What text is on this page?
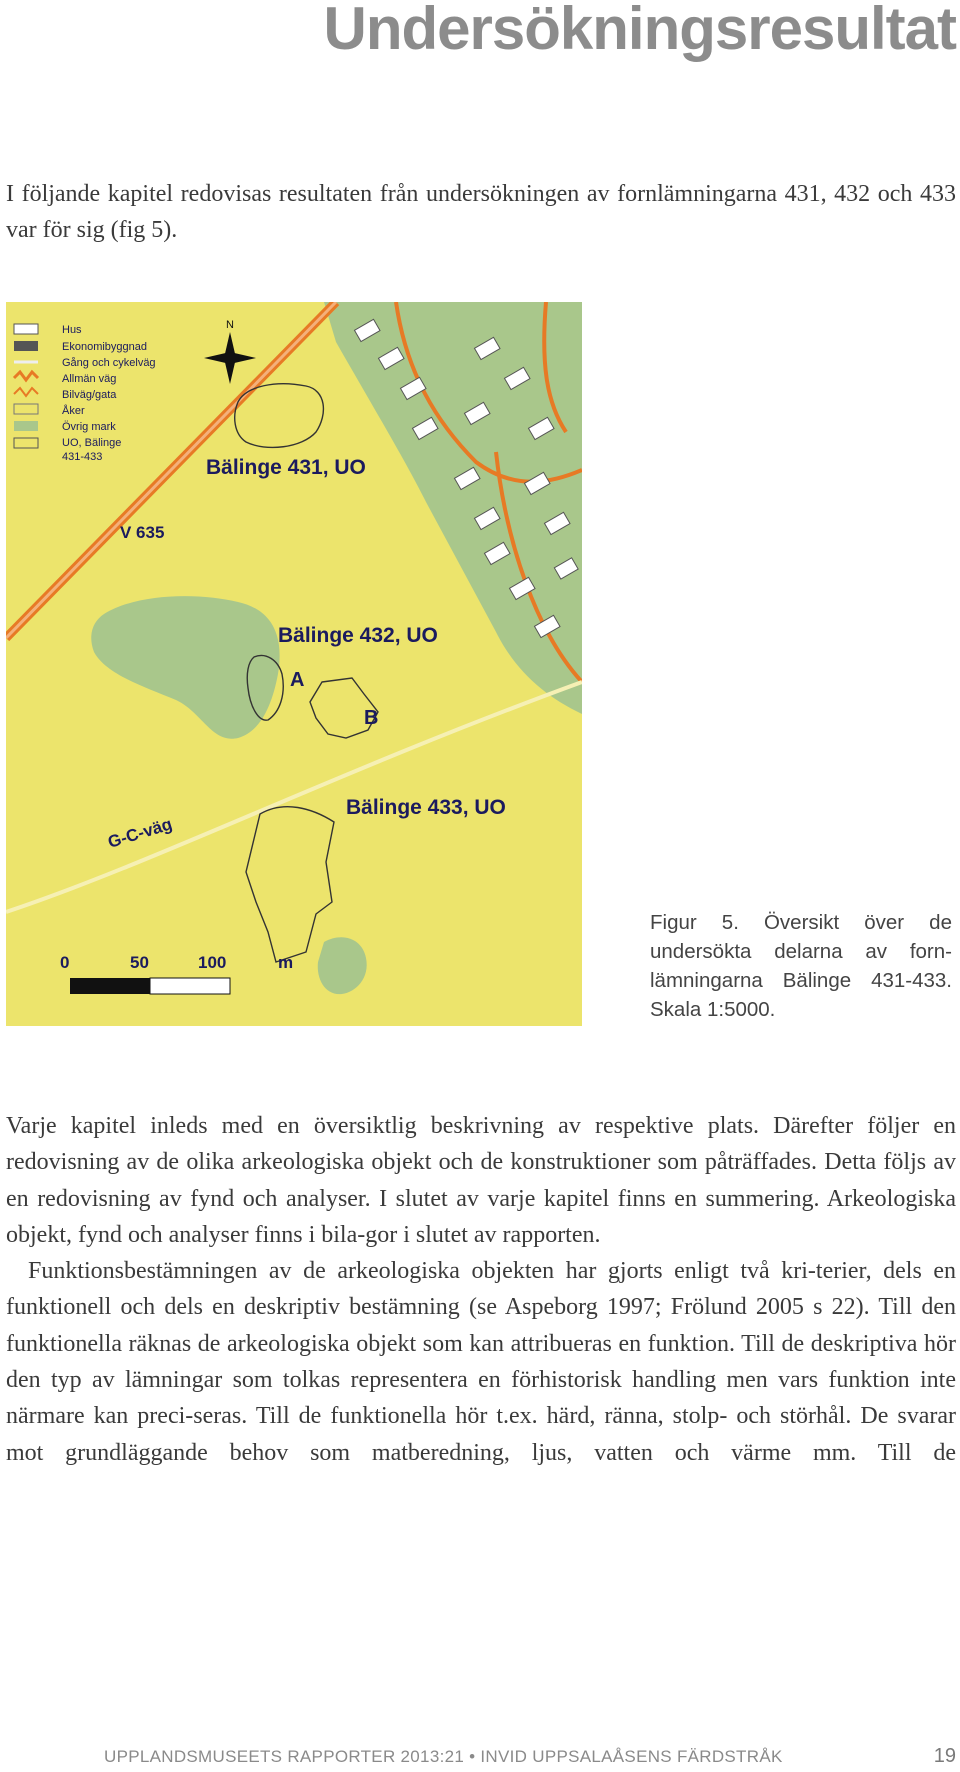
Undersökningsresultat

I följande kapitel redovisas resultaten från undersökningen av fornlämningarna 431, 432 och 433 var för sig (fig 5).

Hus
Ekonomibyggnad
Gång och cykelväg
Allmän väg
Bilväg/gata
Åker
Övrig mark
UO, Bälinge
431-433
N
Bälinge 431, UO
V 635
Bälinge 432, UO
A
B
G-C-väg
Bälinge 433, UO
0	50	100	m

Figur 5. Översikt över de undersökta delarna av forn-lämningarna Bälinge 431-433. Skala 1:5000.

Varje kapitel inleds med en översiktlig beskrivning av respektive plats. Därefter följer en redovisning av de olika arkeologiska objekt och de konstruktioner som påträffades. Detta följs av en redovisning av fynd och analyser. I slutet av varje kapitel finns en summering. Arkeologiska objekt, fynd och analyser finns i bila-gor i slutet av rapporten.

Funktionsbestämningen av de arkeologiska objekten har gjorts enligt två kri-terier, dels en funktionell och dels en deskriptiv bestämning (se Aspeborg 1997; Frölund 2005 s 22). Till den funktionella räknas de arkeologiska objekt som kan attribueras en funktion. Till de deskriptiva hör den typ av lämningar som tolkas representera en förhistorisk handling men vars funktion inte närmare kan preci-seras. Till de funktionella hör t.ex. härd, ränna, stolp- och störhål. De svarar mot grundläggande behov som matberedning, ljus, vatten och värme mm. Till de

UPPLANDSMUSEETS RAPPORTER 2013:21 • INVID UPPSALAÅSENS FÄRDSTRÅK	19
